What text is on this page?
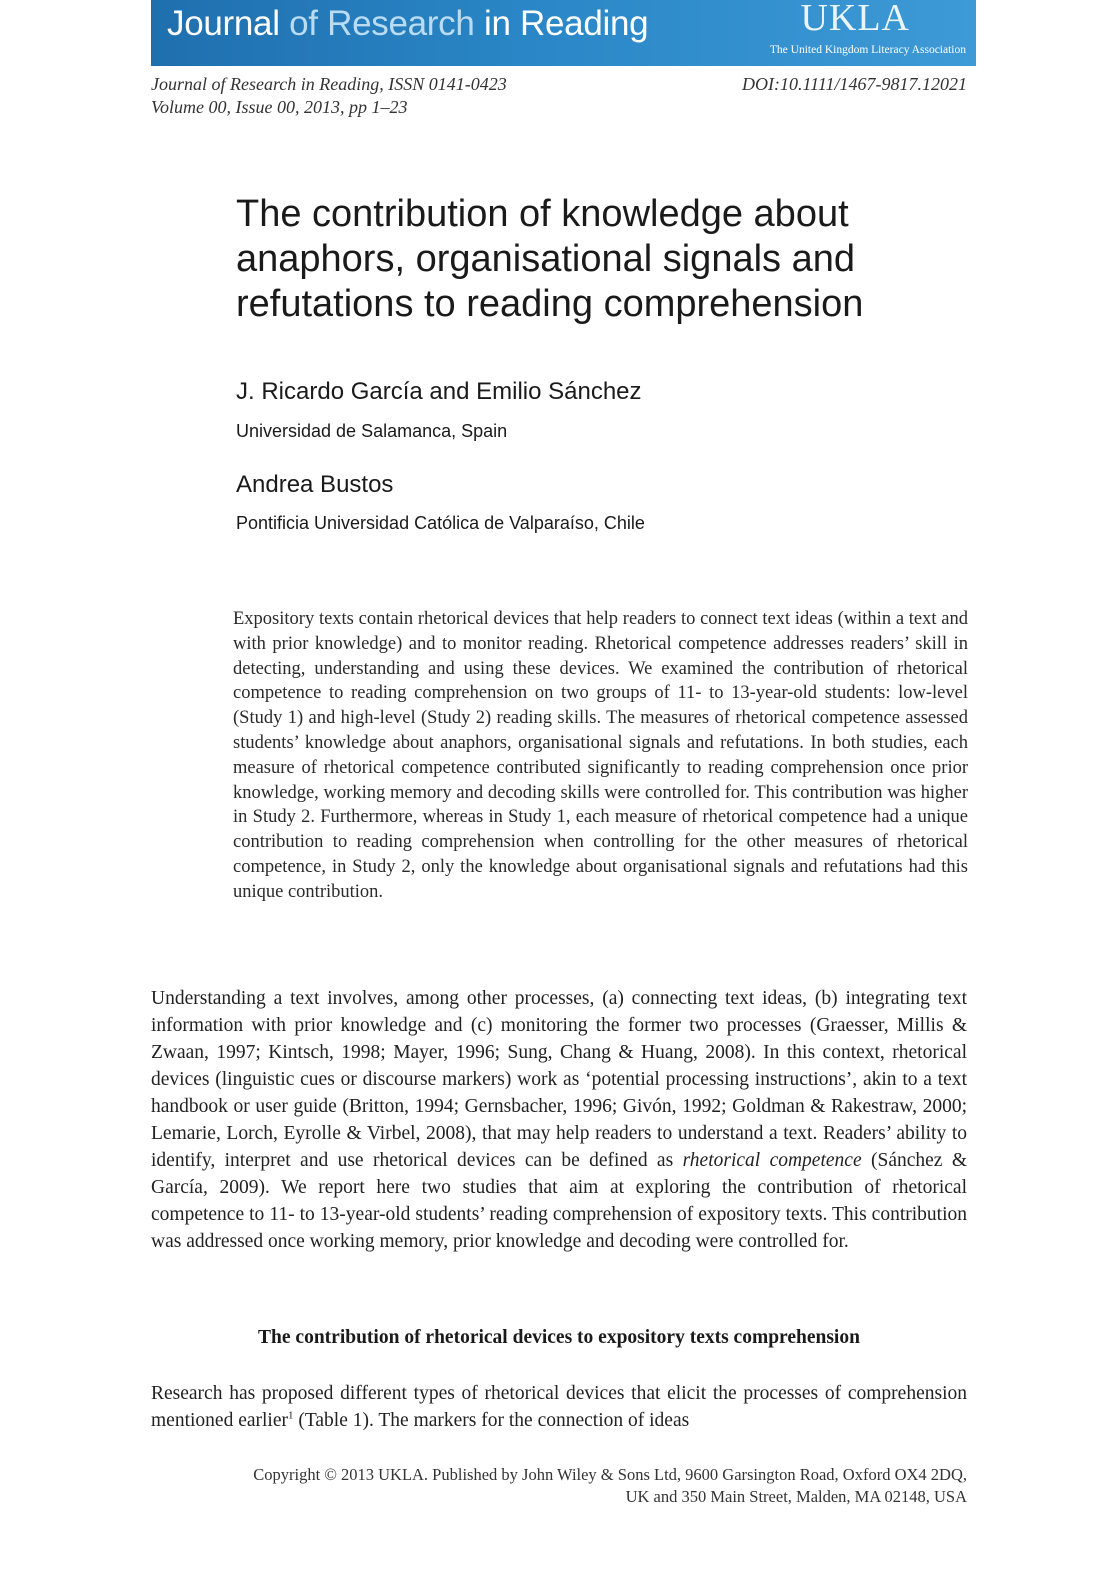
Journal of Research in Reading	UKLA
The United Kingdom Literacy Association
Journal of Research in Reading, ISSN 0141-0423
Volume 00, Issue 00, 2013, pp 1–23
DOI:10.1111/1467-9817.12021
The contribution of knowledge about anaphors, organisational signals and refutations to reading comprehension
J. Ricardo García and Emilio Sánchez
Universidad de Salamanca, Spain
Andrea Bustos
Pontificia Universidad Católica de Valparaíso, Chile

Expository texts contain rhetorical devices that help readers to connect text ideas (within a text and with prior knowledge) and to monitor reading. Rhetorical competence addresses readers’ skill in detecting, understanding and using these devices. We examined the contribution of rhetorical competence to reading comprehension on two groups of 11- to 13-year-old students: low-level (Study 1) and high-level (Study 2) reading skills. The measures of rhetorical competence assessed students’ knowledge about anaphors, organisational signals and refutations. In both studies, each measure of rhetorical competence contributed significantly to reading comprehension once prior knowledge, working memory and decoding skills were controlled for. This contribution was higher in Study 2. Furthermore, whereas in Study 1, each measure of rhetorical competence had a unique contribution to reading comprehension when controlling for the other measures of rhetorical competence, in Study 2, only the knowledge about organisational signals and refutations had this unique contribution.

Understanding a text involves, among other processes, (a) connecting text ideas, (b) integrating text information with prior knowledge and (c) monitoring the former two processes (Graesser, Millis & Zwaan, 1997; Kintsch, 1998; Mayer, 1996; Sung, Chang & Huang, 2008). In this context, rhetorical devices (linguistic cues or discourse markers) work as ‘potential processing instructions’, akin to a text handbook or user guide (Britton, 1994; Gernsbacher, 1996; Givón, 1992; Goldman & Rakestraw, 2000; Lemarie, Lorch, Eyrolle & Virbel, 2008), that may help readers to understand a text. Readers’ ability to identify, interpret and use rhetorical devices can be defined as rhetorical competence (Sánchez & García, 2009). We report here two studies that aim at exploring the contribution of rhetorical competence to 11- to 13-year-old students’ reading comprehension of expository texts. This contribution was addressed once working memory, prior knowledge and decoding were controlled for.

The contribution of rhetorical devices to expository texts comprehension

Research has proposed different types of rhetorical devices that elicit the processes of comprehension mentioned earlier$^1$ (Table 1). The markers for the connection of ideas

Copyright © 2013 UKLA. Published by John Wiley & Sons Ltd, 9600 Garsington Road, Oxford OX4 2DQ,
UK and 350 Main Street, Malden, MA 02148, USA
